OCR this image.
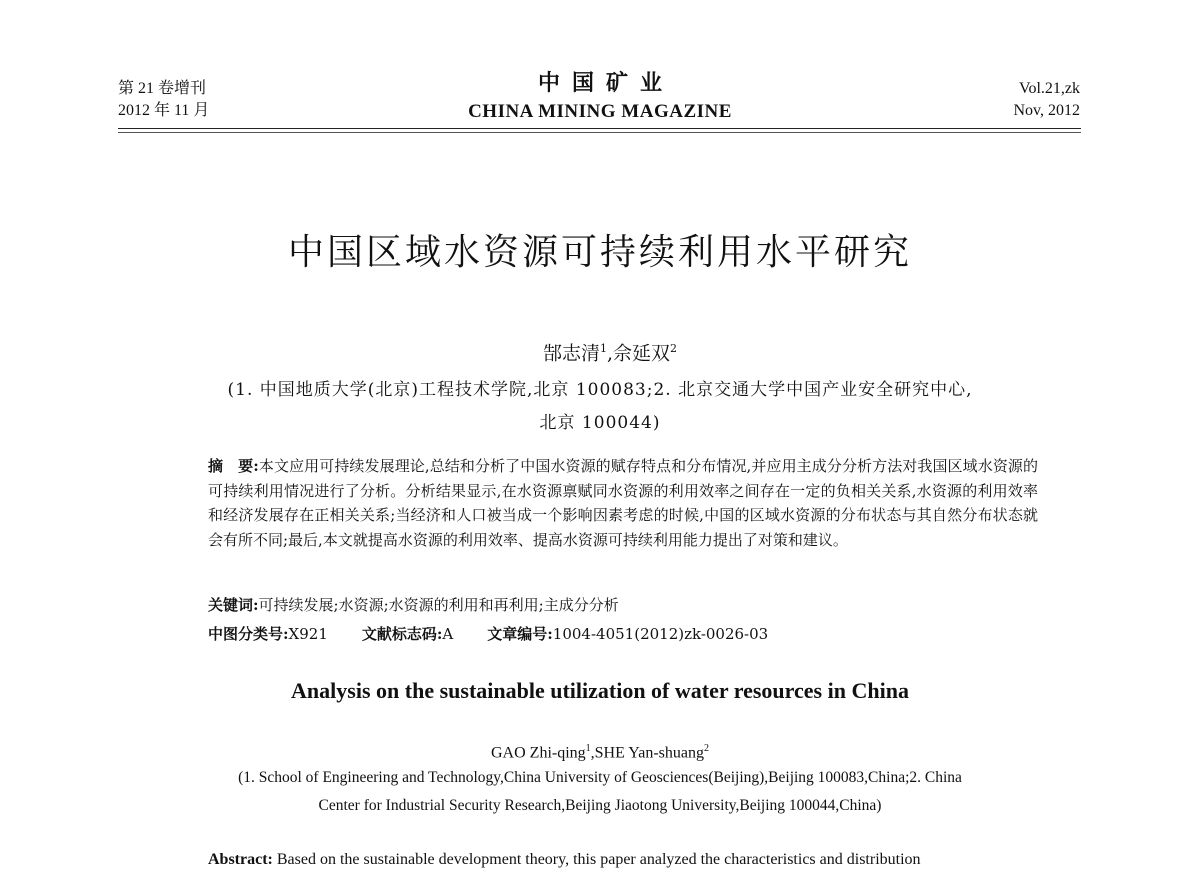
第 21 卷增刊
2012 年 11 月
中国矿业
CHINA MINING MAGAZINE
Vol.21,zk
Nov, 2012
中国区域水资源可持续利用水平研究
郜志清$^1$,佘延双$^2$
(1. 中国地质大学(北京)工程技术学院,北京 100083;2. 北京交通大学中国产业安全研究中心,
北京 100044)
摘　要:本文应用可持续发展理论,总结和分析了中国水资源的赋存特点和分布情况,并应用主成分分析方法对我国区域水资源的可持续利用情况进行了分析。分析结果显示,在水资源禀赋同水资源的利用效率之间存在一定的负相关关系,水资源的利用效率和经济发展存在正相关关系;当经济和人口被当成一个影响因素考虑的时候,中国的区域水资源的分布状态与其自然分布状态就会有所不同;最后,本文就提高水资源的利用效率、提高水资源可持续利用能力提出了对策和建议。
关键词:可持续发展;水资源;水资源的利用和再利用;主成分分析
中图分类号:X921 文献标志码:A 文章编号:1004-4051(2012)zk-0026-03
Analysis on the sustainable utilization of water resources in China
GAO Zhi-qing$^1$,SHE Yan-shuang$^2$
(1. School of Engineering and Technology,China University of Geosciences(Beijing),Beijing 100083,China;2. China
Center for Industrial Security Research,Beijing Jiaotong University,Beijing 100044,China)
Abstract: Based on the sustainable development theory, this paper analyzed the characteristics and distribution
